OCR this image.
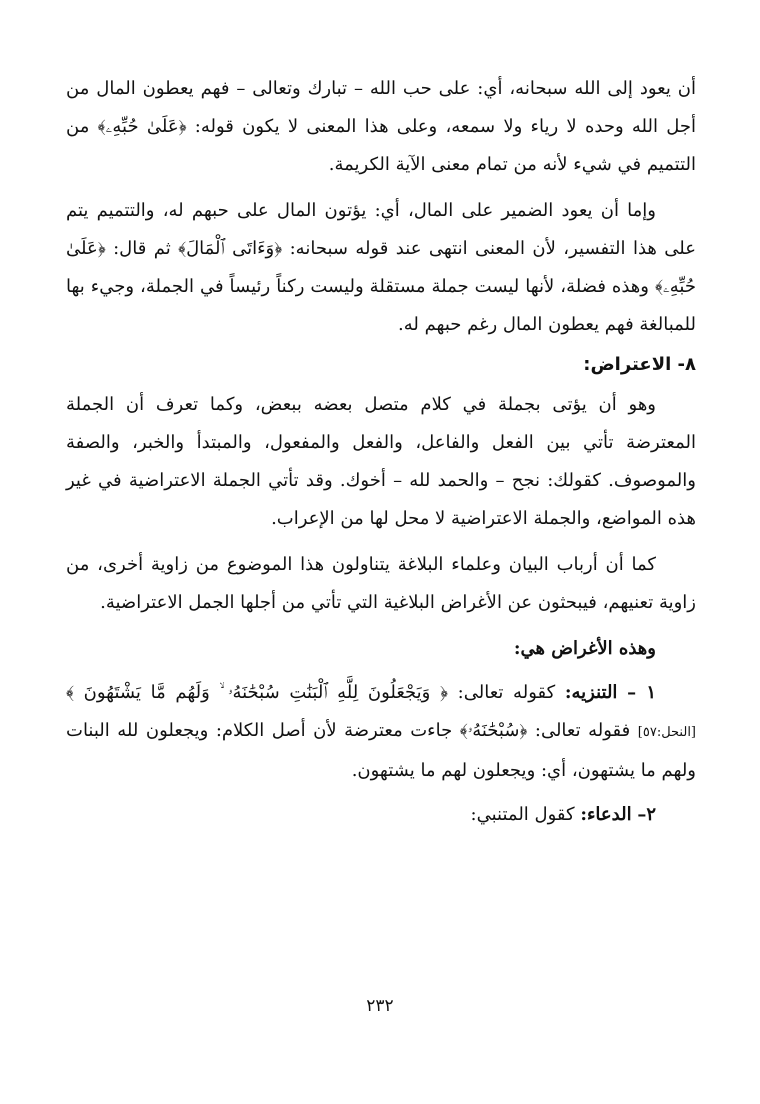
أن يعود إلى الله سبحانه، أي: على حب الله – تبارك وتعالى – فهم يعطون المال من أجل الله وحده لا رياء ولا سمعه، وعلى هذا المعنى لا يكون قوله: ﴿عَلَىٰ حُبِّهِۦ﴾ من التتميم في شيء لأنه من تمام معنى الآية الكريمة.

وإما أن يعود الضمير على المال، أي: يؤتون المال على حبهم له، والتتميم يتم على هذا التفسير، لأن المعنى انتهى عند قوله سبحانه: ﴿وَءَاتَى ٱلْمَالَ﴾ ثم قال: ﴿عَلَىٰ حُبِّهِۦ﴾ وهذه فضلة، لأنها ليست جملة مستقلة وليست ركناً رئيساً في الجملة، وجيء بها للمبالغة فهم يعطون المال رغم حبهم له.

٨- الاعتراض:

وهو أن يؤتى بجملة في كلام متصل بعضه ببعض، وكما تعرف أن الجملة المعترضة تأتي بين الفعل والفاعل، والفعل والمفعول، والمبتدأ والخبر، والصفة والموصوف. كقولك: نجح – والحمد لله – أخوك. وقد تأتي الجملة الاعتراضية في غير هذه المواضع، والجملة الاعتراضية لا محل لها من الإعراب.

كما أن أرباب البيان وعلماء البلاغة يتناولون هذا الموضوع من زاوية أخرى، من زاوية تعنيهم، فيبحثون عن الأغراض البلاغية التي تأتي من أجلها الجمل الاعتراضية.

وهذه الأغراض هي:

١ – التنزيه: كقوله تعالى: ﴿ وَيَجْعَلُونَ لِلَّهِ ٱلْبَنَٰتِ سُبْحَٰنَهُۥ ۙ وَلَهُم مَّا يَشْتَهُونَ ﴾ [النحل:٥٧] فقوله تعالى: ﴿سُبْحَٰنَهُۥ﴾ جاءت معترضة لأن أصل الكلام: ويجعلون لله البنات ولهم ما يشتهون، أي: ويجعلون لهم ما يشتهون.

٢– الدعاء: كقول المتنبي:

٢٣٢
